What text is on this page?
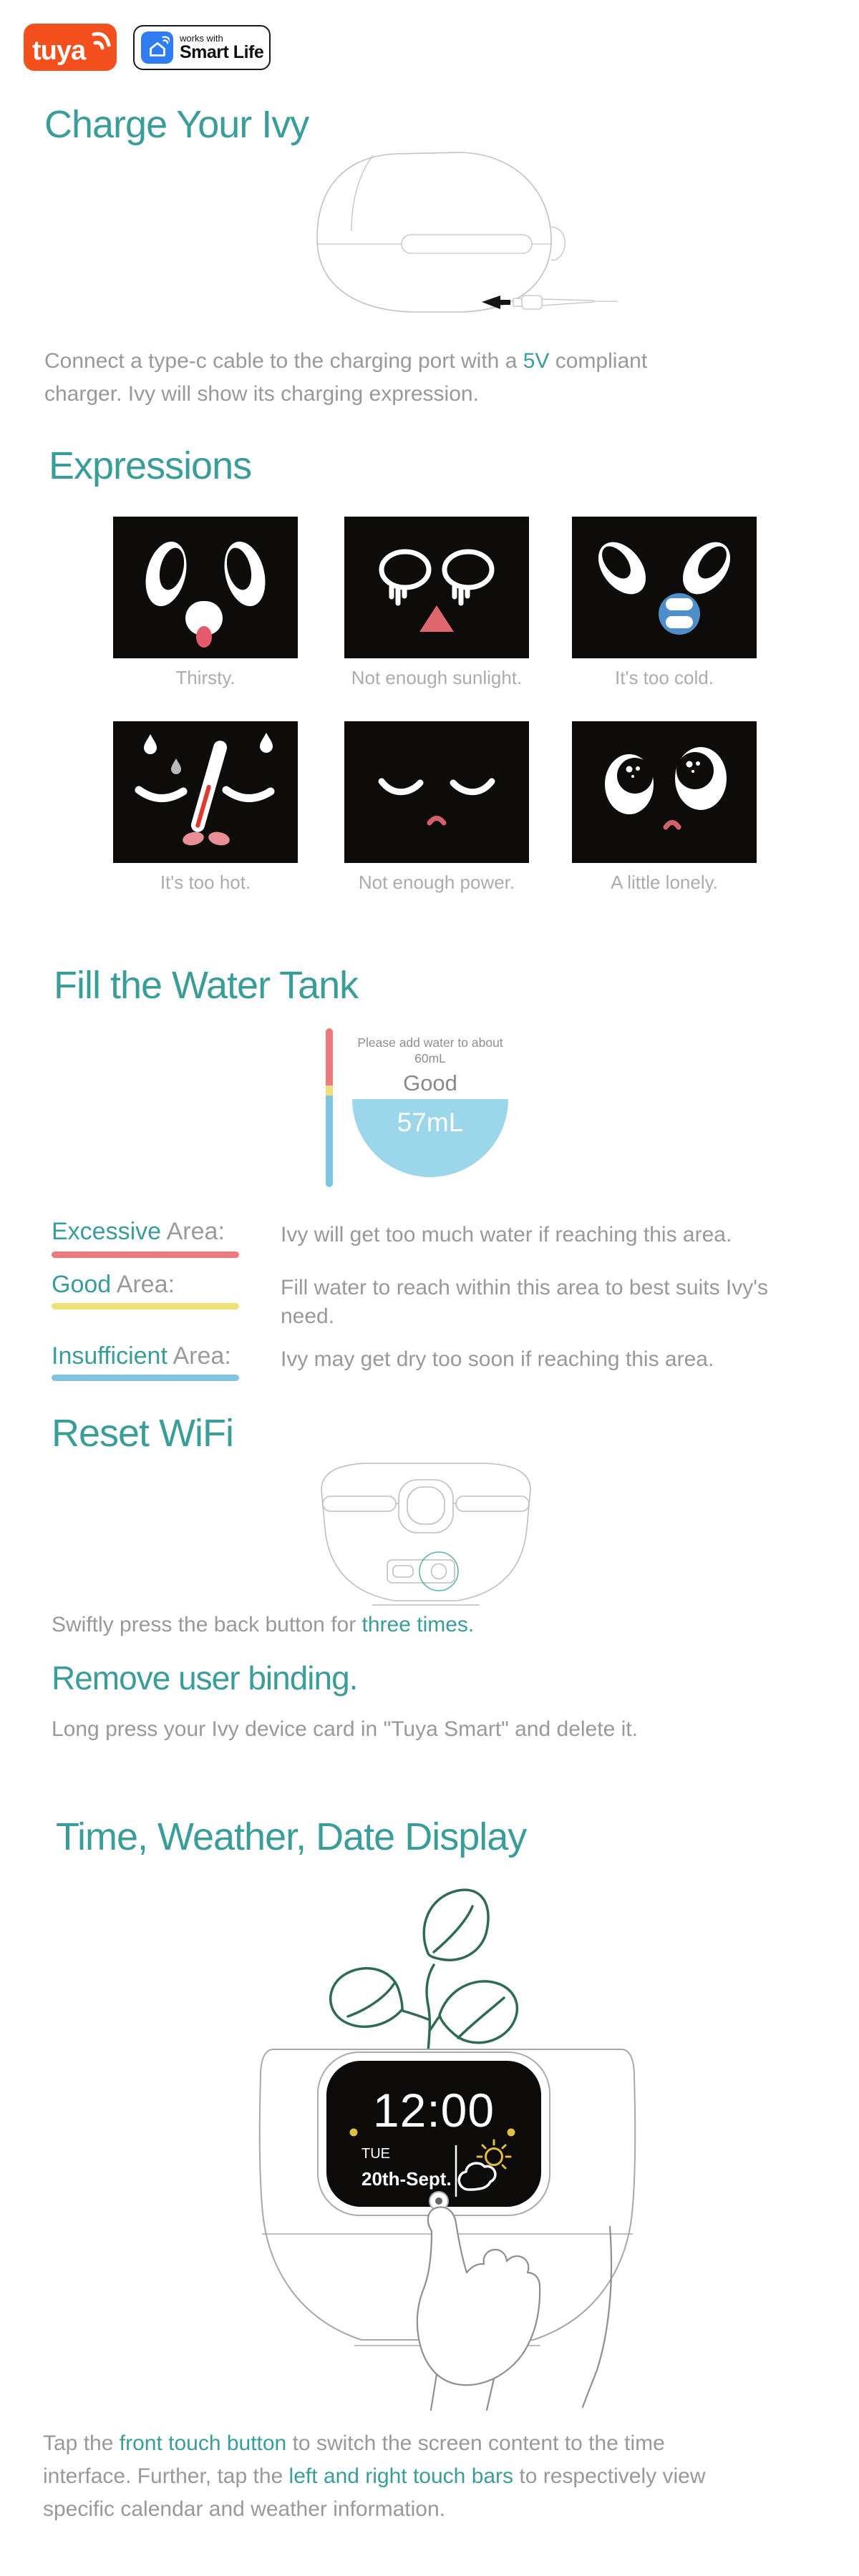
tuya	works with
Smart Life
Charge Your Ivy
Connect a type-c cable to the charging port with a 5V compliant
charger. Ivy will show its charging expression.
Expressions
Thirsty.	Not enough sunlight.	It's too cold.
It's too hot.	Not enough power.	A little lonely.
Fill the Water Tank
Please add water to about
60mL
Good
57mL
Excessive Area:	Ivy will get too much water if reaching this area.
Good Area:	Fill water to reach within this area to best suits Ivy's
need.
Insufficient Area: Ivy may get dry too soon if reaching this area.
Reset WiFi
Swiftly press the back button for three times.
Remove user binding.
Long press your Ivy device card in "Tuya Smart" and delete it.
Time, Weather, Date Display
12:00
TUE
20th-Sept.
Tap the front touch button to switch the screen content to the time
interface. Further, tap the left and right touch bars to respectively view
specific calendar and weather information.
